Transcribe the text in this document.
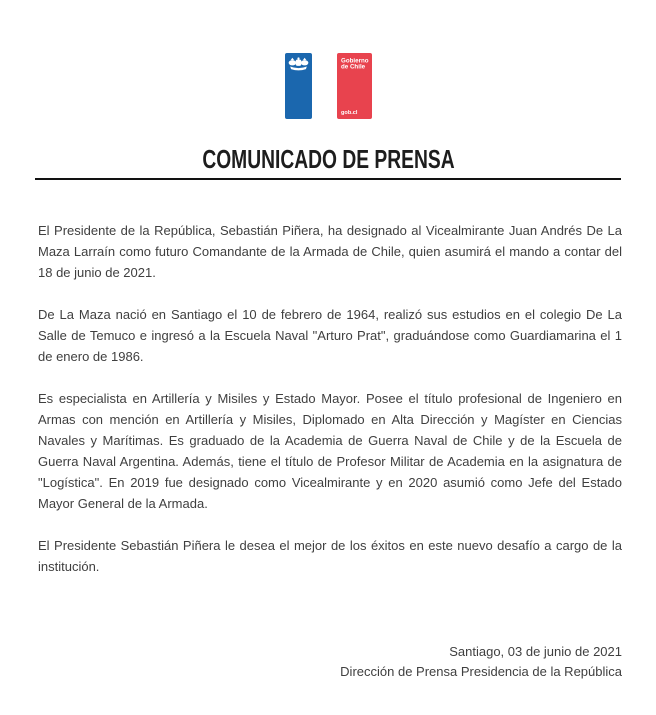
Gobierno
de Chile
gob.cl
COMUNICADO DE PRENSA

El Presidente de la República, Sebastián Piñera, ha designado al Vicealmirante Juan Andrés De La Maza Larraín como futuro Comandante de la Armada de Chile, quien asumirá el mando a contar del 18 de junio de 2021.

De La Maza nació en Santiago el 10 de febrero de 1964, realizó sus estudios en el colegio De La Salle de Temuco e ingresó a la Escuela Naval "Arturo Prat", graduándose como Guardiamarina el 1 de enero de 1986.

Es especialista en Artillería y Misiles y Estado Mayor. Posee el título profesional de Ingeniero en Armas con mención en Artillería y Misiles, Diplomado en Alta Dirección y Magíster en Ciencias Navales y Marítimas. Es graduado de la Academia de Guerra Naval de Chile y de la Escuela de Guerra Naval Argentina. Además, tiene el título de Profesor Militar de Academia en la asignatura de "Logística". En 2019 fue designado como Vicealmirante y en 2020 asumió como Jefe del Estado Mayor General de la Armada.

El Presidente Sebastián Piñera le desea el mejor de los éxitos en este nuevo desafío a cargo de la institución.

Santiago, 03 de junio de 2021
Dirección de Prensa Presidencia de la República
